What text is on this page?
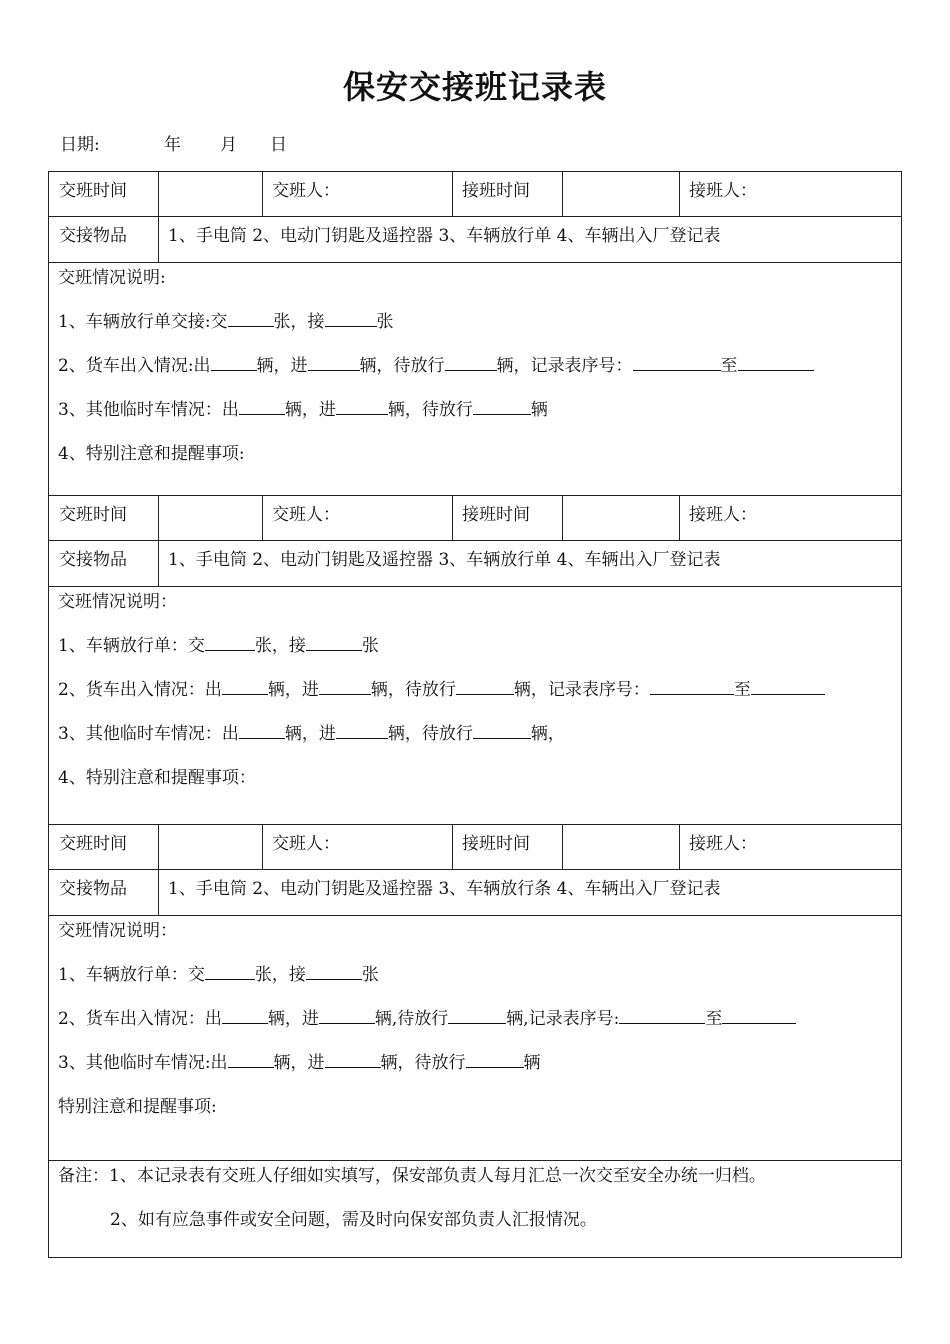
保安交接班记录表
日期:	年 月 日
交班时间		交班人：	接班时间		接班人：
交接物品	1、手电筒 2、电动门钥匙及遥控器 3、车辆放行单 4、车辆出入厂登记表				

交班情况说明:
1、车辆放行单交接:交 张，接 张
2、货车出入情况:出 辆，进 辆，待放行 辆，记录表序号： 至
3、其他临时车情况：出 辆，进 辆，待放行 辆
4、特别注意和提醒事项:					

交班时间		交班人：	接班时间		接班人：
交接物品	1、手电筒 2、电动门钥匙及遥控器 3、车辆放行单 4、车辆出入厂登记表				

交班情况说明：
1、车辆放行单：交 张，接 张
2、货车出入情况：出 辆，进 辆，待放行 辆，记录表序号： 至
3、其他临时车情况：出 辆，进 辆，待放行 辆，
4、特别注意和提醒事项：					

交班时间		交班人：	接班时间		接班人：
交接物品	1、手电筒 2、电动门钥匙及遥控器 3、车辆放行条 4、车辆出入厂登记表				

交班情况说明：
1、车辆放行单：交 张，接 张
2、货车出入情况：出 辆，进 辆,待放行 辆,记录表序号: 至
3、其他临时车情况:出 辆，进 辆，待放行 辆
特别注意和提醒事项:					

备注：1、本记录表有交班人仔细如实填写，保安部负责人每月汇总一次交至安全办统一归档。
2、如有应急事件或安全问题，需及时向保安部负责人汇报情况。					
